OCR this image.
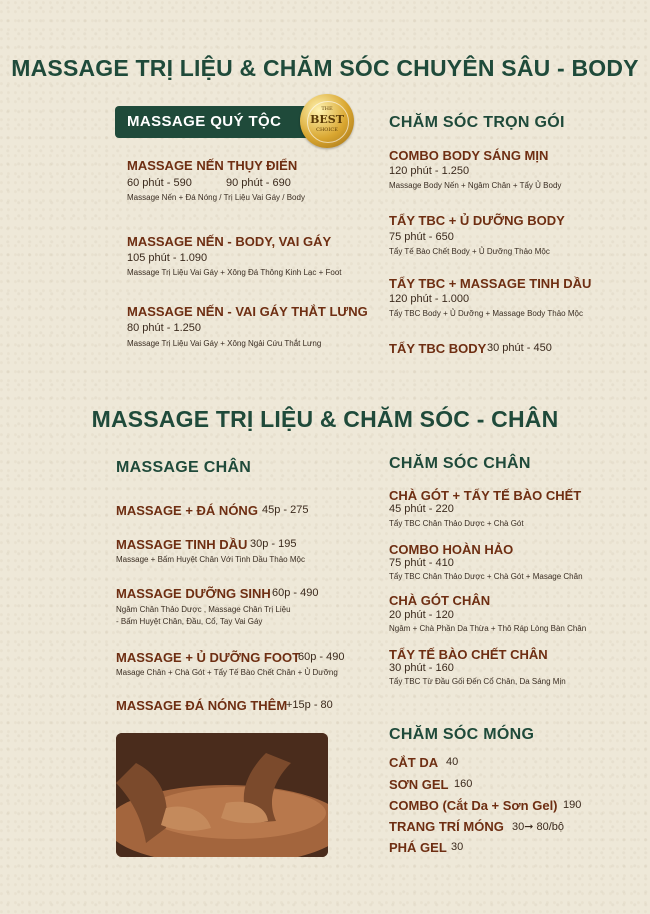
MASSAGE TRỊ LIỆU & CHĂM SÓC CHUYÊN SÂU - BODY
MASSAGE QUÝ TỘC
THE
BEST
CHOICE
MASSAGE NẾN THỤY ĐIỂN
60 phút - 590	90 phút - 690
Massage Nến + Đá Nóng / Trị Liệu Vai Gáy / Body
MASSAGE NẾN - BODY, VAI GÁY
105 phút - 1.090
Massage Trị Liệu Vai Gáy + Xông Đá Thông Kinh Lạc + Foot
MASSAGE NẾN - VAI GÁY THẮT LƯNG
80 phút - 1.250
Massage Trị Liệu Vai Gáy + Xông Ngải Cứu Thắt Lưng
CHĂM SÓC TRỌN GÓI
COMBO BODY SÁNG MỊN
120 phút - 1.250
Massage Body Nến + Ngâm Chân + Tẩy Ủ Body
TẨY TBC + Ủ DƯỠNG BODY
75 phút - 650
Tẩy Tế Bào Chết Body + Ủ Dưỡng Thảo Mộc
TẨY TBC + MASSAGE TINH DẦU
120 phút - 1.000
Tẩy TBC Body + Ủ Dưỡng + Massage Body Thảo Mộc
TẨY TBC BODY 30 phút - 450
MASSAGE TRỊ LIỆU & CHĂM SÓC - CHÂN
MASSAGE CHÂN
MASSAGE + ĐÁ NÓNG 45p - 275
MASSAGE TINH DẦU 30p - 195
Massage + Bấm Huyệt Chân Với Tinh Dầu Thảo Mộc
MASSAGE DƯỠNG SINH 60p - 490
Ngâm Chân Thảo Dược , Massage Chân Trị Liệu
- Bấm Huyệt Chân, Đầu, Cổ, Tay Vai Gáy
MASSAGE + Ủ DƯỠNG FOOT
60p - 490
Masage Chân + Chà Gót + Tẩy Tế Bào Chết Chân + Ủ Dưỡng
MASSAGE ĐÁ NÓNG THÊM
+15p - 80
CHĂM SÓC CHÂN
CHÀ GÓT + TẨY TẾ BÀO CHẾT
45 phút - 220
Tẩy TBC Chân Thảo Dược + Chà Gót
COMBO HOÀN HẢO
75 phút - 410
Tẩy TBC Chân Thảo Dược + Chà Gót + Masage Chân
CHÀ GÓT CHÂN
20 phút - 120
Ngâm + Chà Phần Da Thừa + Thô Ráp Lòng Bàn Chân
TẨY TẾ BÀO CHẾT CHÂN
30 phút - 160
Tẩy TBC Từ Đầu Gối Đến Cổ Chân, Da Sáng Mịn
CHĂM SÓC MÓNG
CẮT DA 40
SƠN GEL 160
COMBO (Cắt Da + Sơn Gel) 190
TRANG TRÍ MÓNG 30➞ 80/bộ
PHÁ GEL 30
